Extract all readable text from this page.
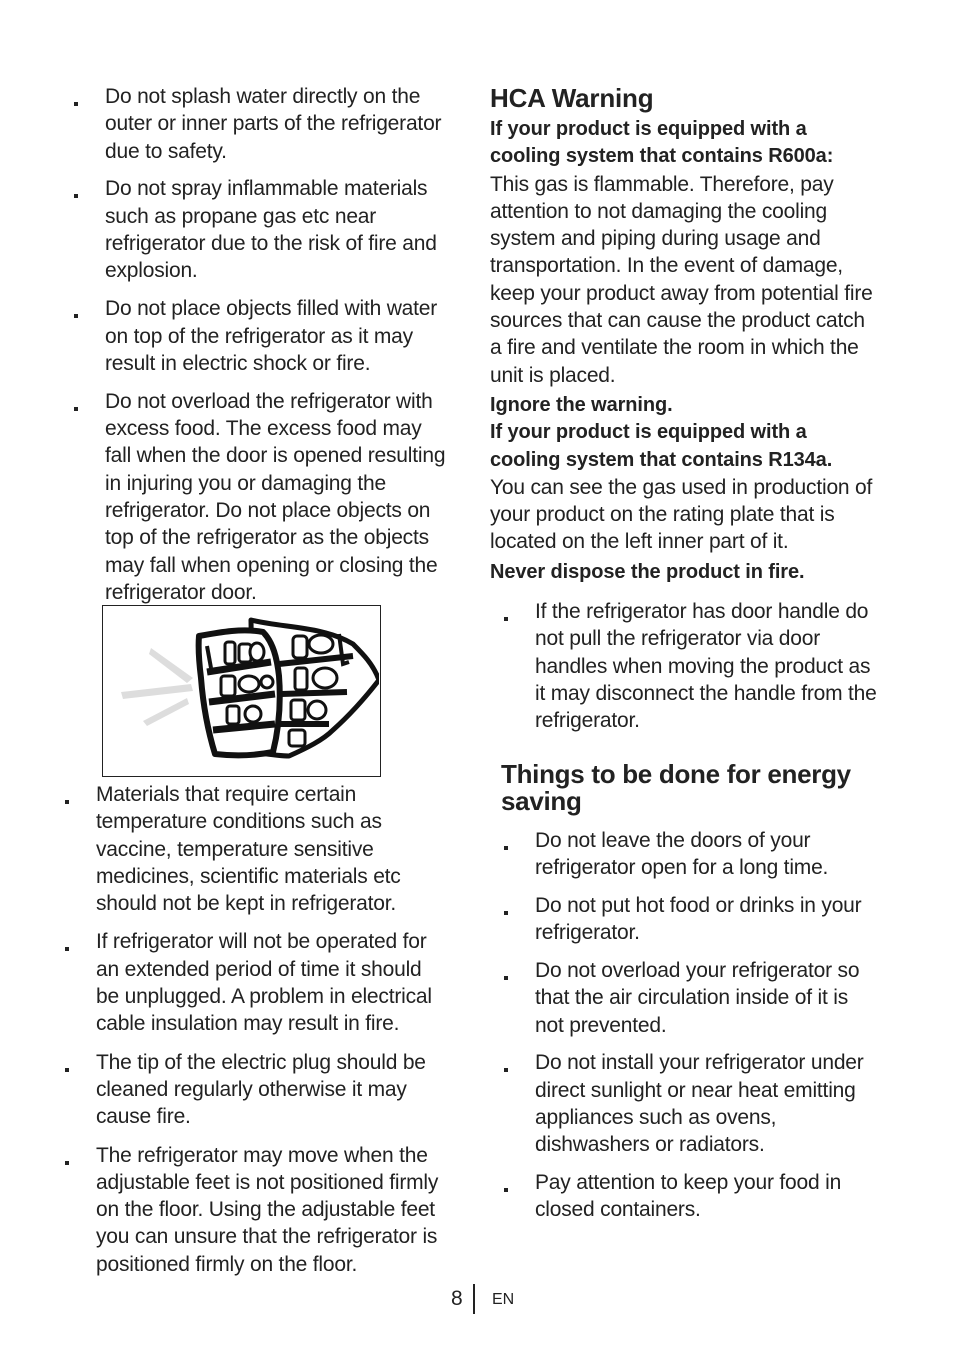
Do not splash water directly on the outer or inner parts of the refrigerator due to safety.
Do not spray inflammable materials such as propane gas etc near refrigerator due to the risk of fire and explosion.
Do not place objects filled with water on top of the refrigerator as it may result in electric shock or fire.
Do not overload the refrigerator with excess food. The excess food may fall when the door is opened resulting in injuring you or damaging the refrigerator. Do not place objects on top of the refrigerator as the objects may fall when opening or closing the refrigerator door.
Materials that require certain temperature conditions such as vaccine, temperature sensitive medicines, scientific materials etc should not be kept in refrigerator.
If refrigerator will not be operated for an extended period of time it should be unplugged. A problem in electrical cable insulation may result in fire.
The tip of the electric plug should be cleaned regularly otherwise it may cause fire.
The refrigerator may move when the adjustable feet is not positioned firmly on the floor. Using the adjustable feet you can unsure that the refrigerator is positioned firmly on the floor.
HCA Warning

If your product is equipped with a cooling system that contains R600a:

This gas is flammable. Therefore, pay attention to not damaging the cooling system and piping during usage and transportation. In the event of damage, keep your product away from potential fire sources that can cause the product catch a fire and ventilate the room in which the unit is placed.

Ignore the warning.

If your product is equipped with a cooling system that contains R134a.

You can see the gas used in production of your product on the rating plate that is located on the left inner part of it.

Never dispose the product in fire.

If the refrigerator has door handle do not pull the refrigerator via door handles when moving the product as it may disconnect the handle from the refrigerator.
Things to be done for energy saving
Do not leave the doors of your refrigerator open for a long time.
Do not put hot food or drinks in your refrigerator.
Do not overload your refrigerator so that the air circulation inside of it is not prevented.
Do not install your refrigerator under direct sunlight or near heat emitting appliances such as ovens, dishwashers or radiators.
Pay attention to keep your food in closed containers.
8 EN
